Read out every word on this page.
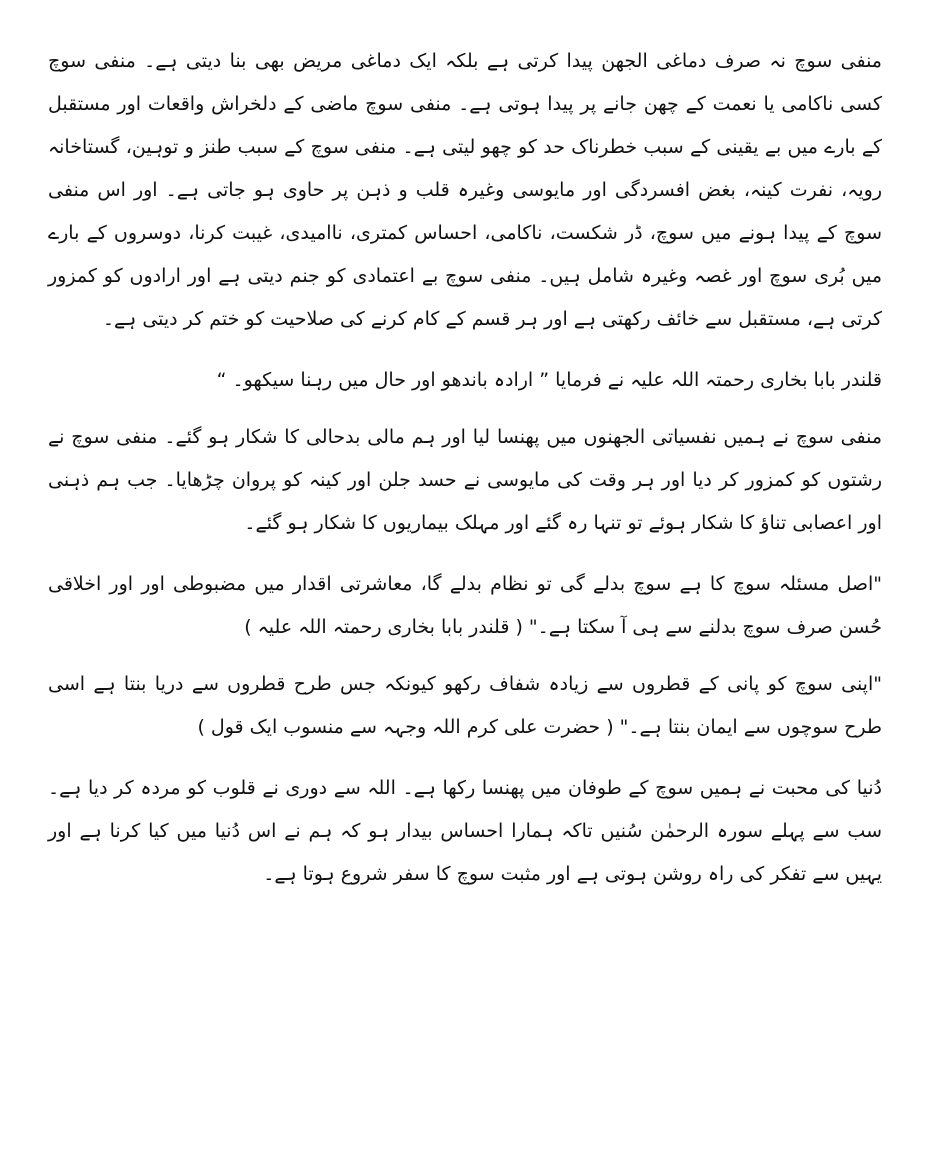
منفی سوچ نہ صرف دماغی الجھن پیدا کرتی ہے بلکہ ایک دماغی مریض بھی بنا دیتی ہے۔ منفی سوچ کسی ناکامی یا نعمت کے چھن جانے پر پیدا ہوتی ہے۔ منفی سوچ ماضی کے دلخراش واقعات اور مستقبل کے بارے میں بے یقینی کے سبب خطرناک حد کو چھو لیتی ہے۔ منفی سوچ کے سبب طنز و توہین، گستاخانہ رویہ، نفرت کینہ، بغض افسردگی اور مایوسی وغیرہ قلب و ذہن پر حاوی ہو جاتی ہے۔ اور اس منفی سوچ کے پیدا ہونے میں سوچ، ڈر شکست، ناکامی، احساس کمتری، ناامیدی، غیبت کرنا، دوسروں کے بارے میں بُری سوچ اور غصہ وغیرہ شامل ہیں۔ منفی سوچ بے اعتمادی کو جنم دیتی ہے اور ارادوں کو کمزور کرتی ہے، مستقبل سے خائف رکھتی ہے اور ہر قسم کے کام کرنے کی صلاحیت کو ختم کر دیتی ہے۔

قلندر بابا بخاری رحمتہ اللہ علیہ نے فرمایا ” ارادہ باندھو اور حال میں رہنا سیکھو۔ “

منفی سوچ نے ہمیں نفسیاتی الجھنوں میں پھنسا لیا اور ہم مالی بدحالی کا شکار ہو گئے۔ منفی سوچ نے رشتوں کو کمزور کر دیا اور ہر وقت کی مایوسی نے حسد جلن اور کینہ کو پروان چڑھایا۔ جب ہم ذہنی اور اعصابی تناؤ کا شکار ہوئے تو تنہا رہ گئے اور مہلک بیماریوں کا شکار ہو گئے۔

"اصل مسئلہ سوچ کا ہے سوچ بدلے گی تو نظام بدلے گا، معاشرتی اقدار میں مضبوطی اور اور اخلاقی حُسن صرف سوچ بدلنے سے ہی آ سکتا ہے۔" ( قلندر بابا بخاری رحمتہ اللہ علیہ )

"اپنی سوچ کو پانی کے قطروں سے زیادہ شفاف رکھو کیونکہ جس طرح قطروں سے دریا بنتا ہے اسی طرح سوچوں سے ایمان بنتا ہے۔" ( حضرت علی کرم اللہ وجہہ سے منسوب ایک قول )

دُنیا کی محبت نے ہمیں سوچ کے طوفان میں پھنسا رکھا ہے۔ اللہ سے دوری نے قلوب کو مردہ کر دیا ہے۔ سب سے پہلے سورہ الرحمٰن سُنیں تاکہ ہمارا احساس بیدار ہو کہ ہم نے اس دُنیا میں کیا کرنا ہے اور یہیں سے تفکر کی راہ روشن ہوتی ہے اور مثبت سوچ کا سفر شروع ہوتا ہے۔
